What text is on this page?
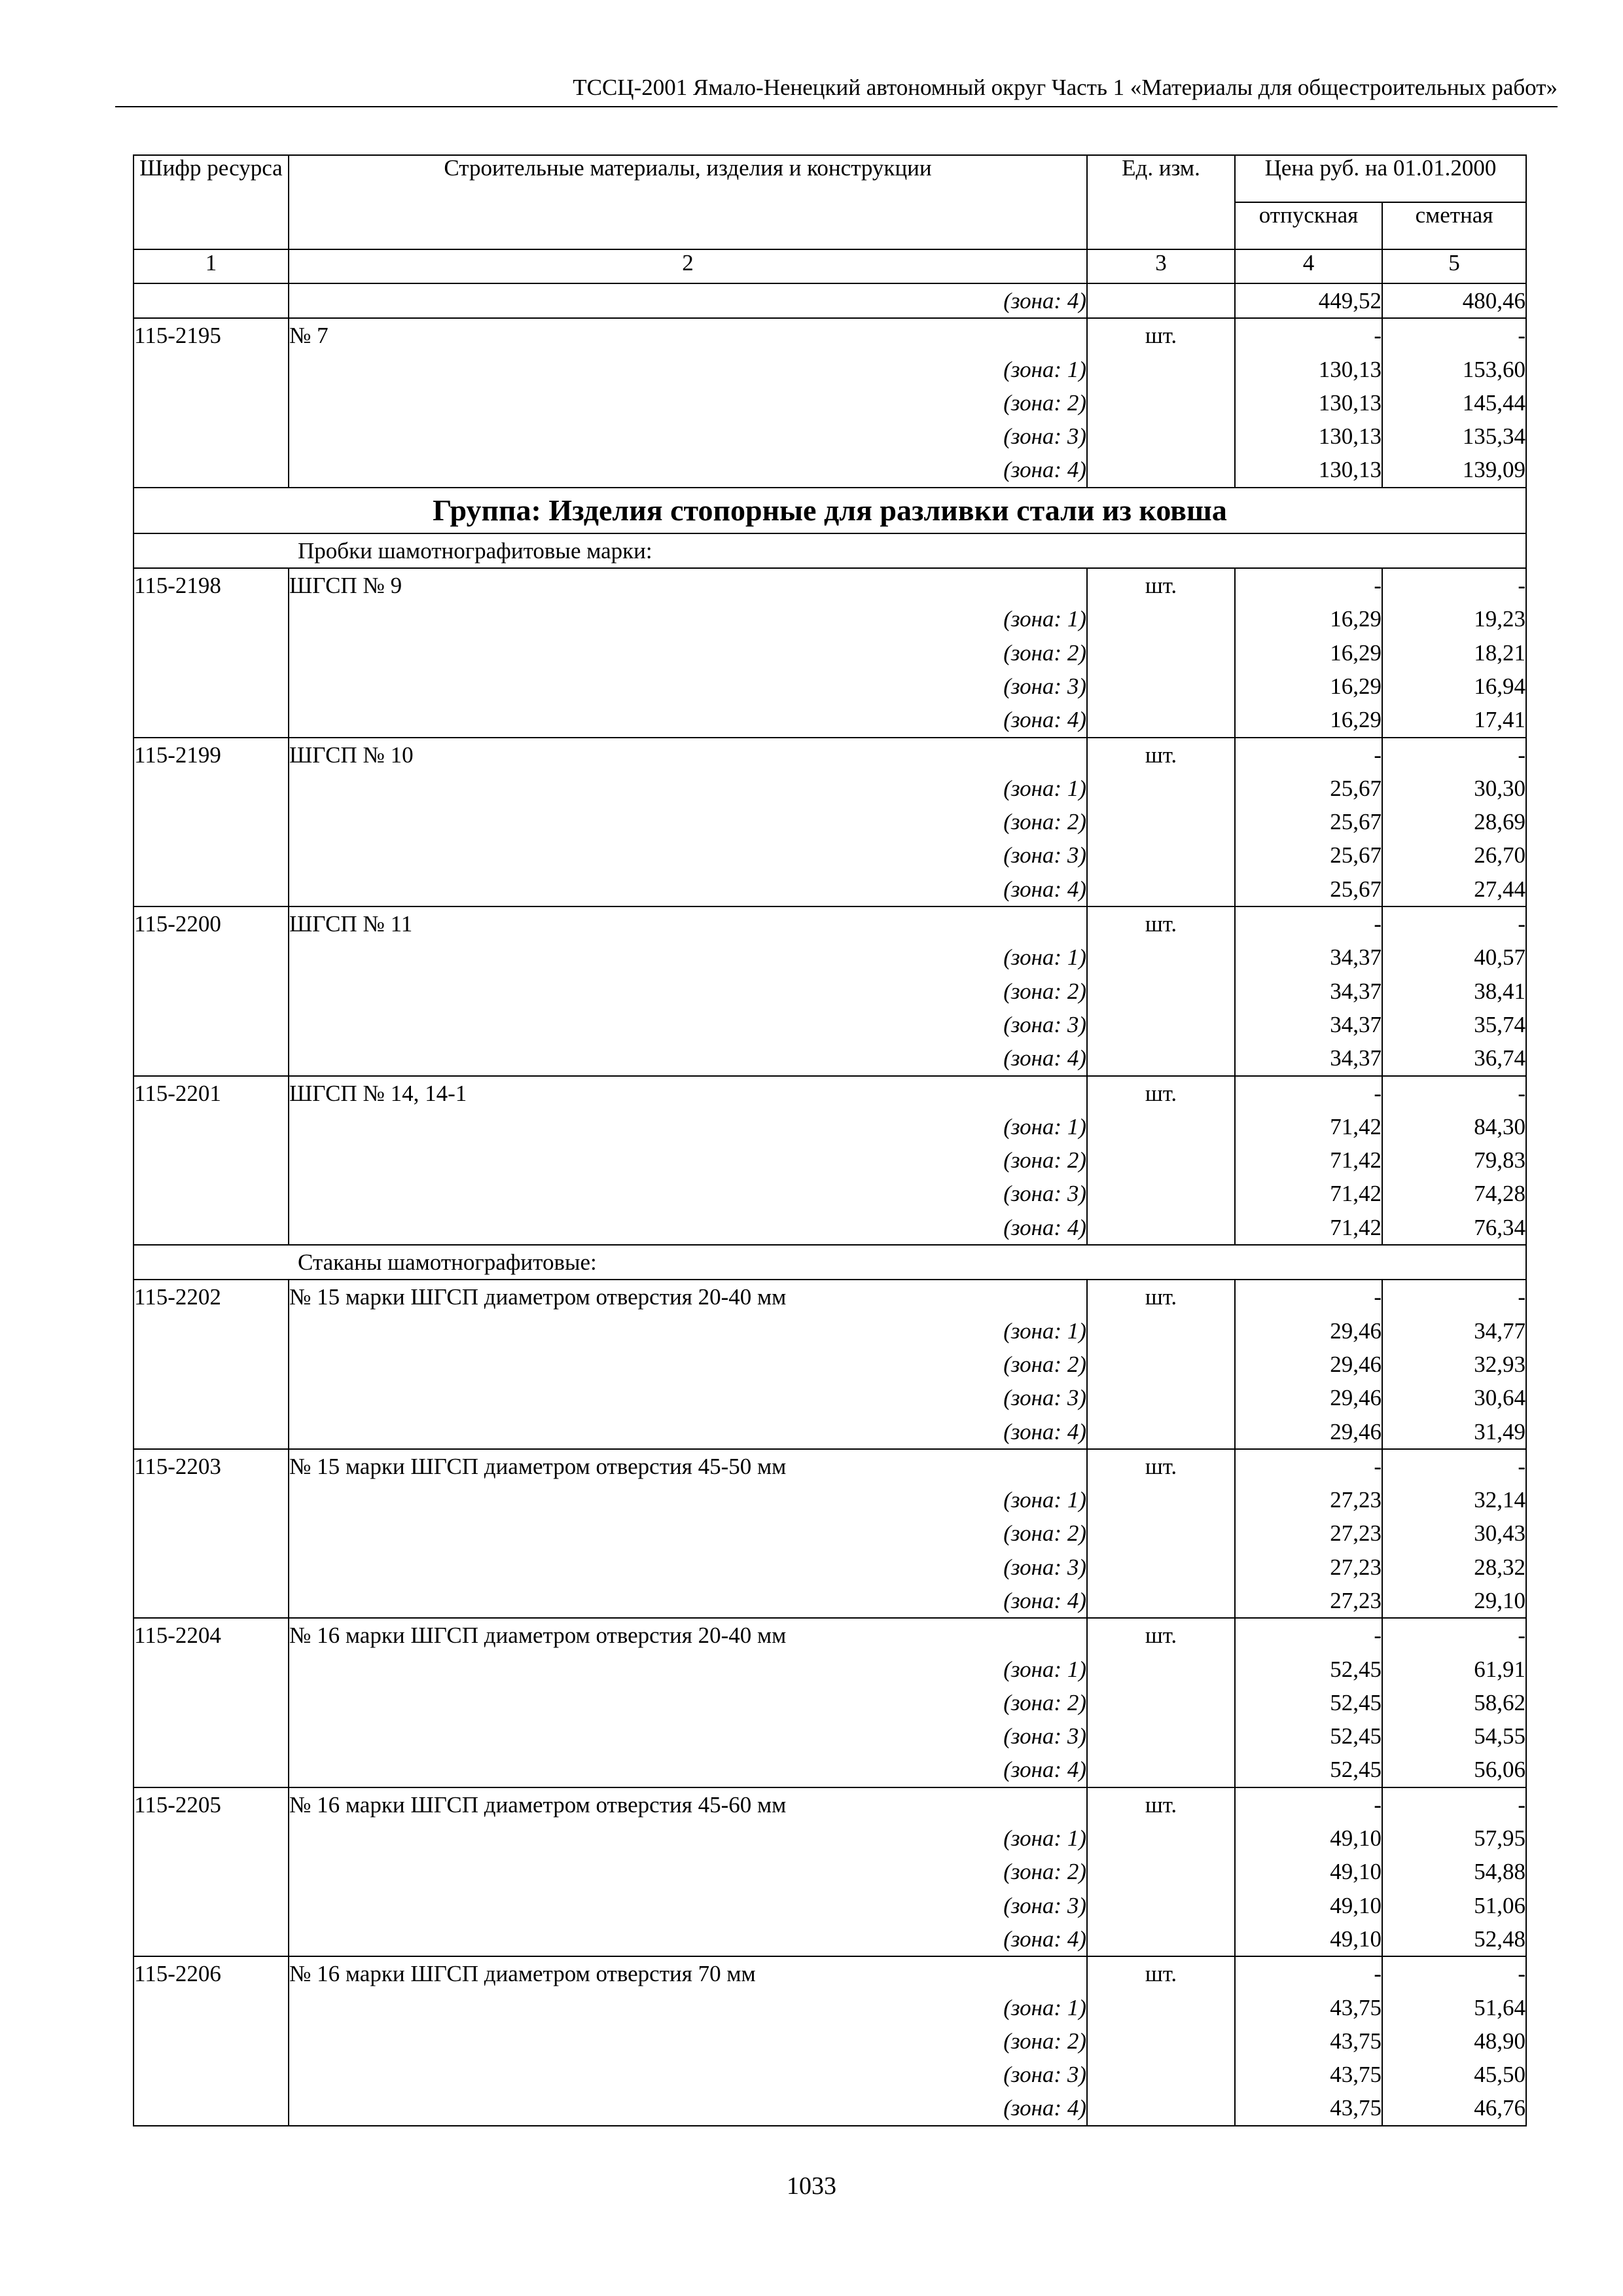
ТССЦ-2001 Ямало-Ненецкий автономный округ Часть 1 «Материалы для общестроительных работ»
Шифр ресурса	Строительные материалы, изделия и конструкции	Ед. изм.	Цена руб. на 01.01.2000	
			отпускная	сметная
1	2	3	4	5
	(зона: 4)		449,52	480,46
115-2195	№ 7	шт.	-	-
	(зона: 1)		130,13	153,60
	(зона: 2)		130,13	145,44
	(зона: 3)		130,13	135,34
	(зона: 4)		130,13	139,09
Группа: Изделия стопорные для разливки стали из ковша				
	Пробки шамотнографитовые марки:			
115-2198	ШГСП № 9	шт.	-	-
	(зона: 1)		16,29	19,23
	(зона: 2)		16,29	18,21
	(зона: 3)		16,29	16,94
	(зона: 4)		16,29	17,41
115-2199	ШГСП № 10	шт.	-	-
	(зона: 1)		25,67	30,30
	(зона: 2)		25,67	28,69
	(зона: 3)		25,67	26,70
	(зона: 4)		25,67	27,44
115-2200	ШГСП № 11	шт.	-	-
	(зона: 1)		34,37	40,57
	(зона: 2)		34,37	38,41
	(зона: 3)		34,37	35,74
	(зона: 4)		34,37	36,74
115-2201	ШГСП № 14, 14-1	шт.	-	-
	(зона: 1)		71,42	84,30
	(зона: 2)		71,42	79,83
	(зона: 3)		71,42	74,28
	(зона: 4)		71,42	76,34
	Стаканы шамотнографитовые:			
115-2202	№ 15 марки ШГСП диаметром отверстия 20-40 мм	шт.	-	-
	(зона: 1)		29,46	34,77
	(зона: 2)		29,46	32,93
	(зона: 3)		29,46	30,64
	(зона: 4)		29,46	31,49
115-2203	№ 15 марки ШГСП диаметром отверстия 45-50 мм	шт.	-	-
	(зона: 1)		27,23	32,14
	(зона: 2)		27,23	30,43
	(зона: 3)		27,23	28,32
	(зона: 4)		27,23	29,10
115-2204	№ 16 марки ШГСП диаметром отверстия 20-40 мм	шт.	-	-
	(зона: 1)		52,45	61,91
	(зона: 2)		52,45	58,62
	(зона: 3)		52,45	54,55
	(зона: 4)		52,45	56,06
115-2205	№ 16 марки ШГСП диаметром отверстия 45-60 мм	шт.	-	-
	(зона: 1)		49,10	57,95
	(зона: 2)		49,10	54,88
	(зона: 3)		49,10	51,06
	(зона: 4)		49,10	52,48
115-2206	№ 16 марки ШГСП диаметром отверстия 70 мм	шт.	-	-
	(зона: 1)		43,75	51,64
	(зона: 2)		43,75	48,90
	(зона: 3)		43,75	45,50
	(зона: 4)		43,75	46,76
1033
